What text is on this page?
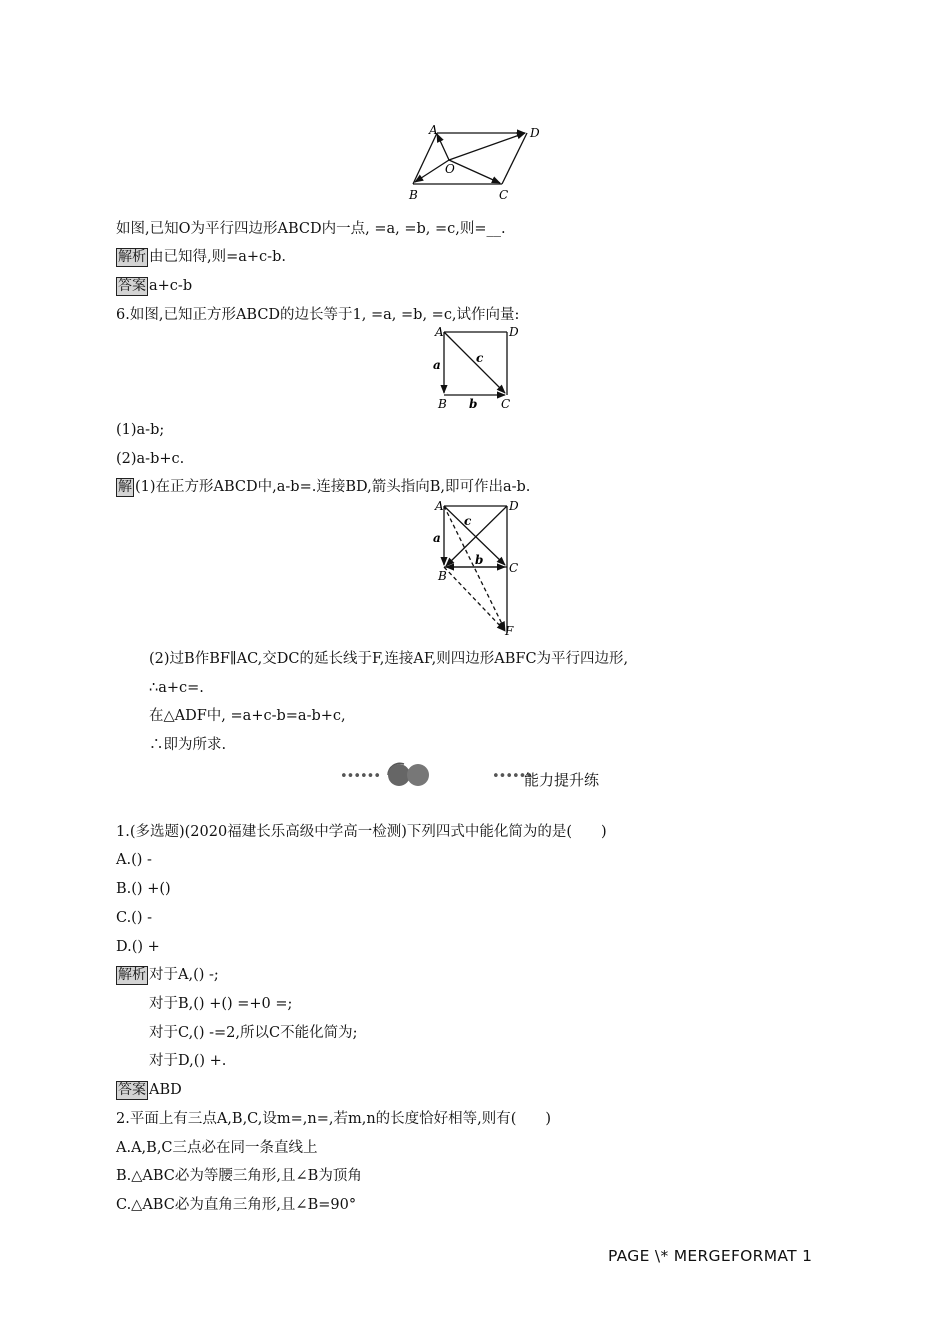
A	D
O
B	C
如图,已知O为平行四边形ABCD内一点, =a, =b, =c,则=__.
解析 由已知得,则=a+c-b.
答案 a+c-b
6.如图,已知正方形ABCD的边长等于1, =a, =b, =c,试作向量:
A	D
a	c
B b C
(1)a-b;
(2)a-b+c.
解 (1)在正方形ABCD中,a-b=.连接BD,箭头指向B,即可作出a-b.
A	D
c
a
b
B
C
F
(2)过B作BF∥AC,交DC的延长线于F,连接AF,则四边形ABFC为平行四边形,
∴a+c=.
在△ADF中, =a+c-b=a-b+c,
∴即为所求.
••••••	••••••
能力提升练
1.(多选题)(2020福建长乐高级中学高一检测)下列四式中能化简为的是(　　)
A.() -
B.() +()
C.() -
D.() +
解析 对于A,() -;
对于B,() +() =+0 =;
对于C,() -=2,所以C不能化简为;
对于D,() +.
答案 ABD
2.平面上有三点A,B,C,设m=,n=,若m,n的长度恰好相等,则有(　　)
A.A,B,C三点必在同一条直线上
B.△ABC必为等腰三角形,且∠B为顶角
C.△ABC必为直角三角形,且∠B=90°
PAGE \* MERGEFORMAT 1
